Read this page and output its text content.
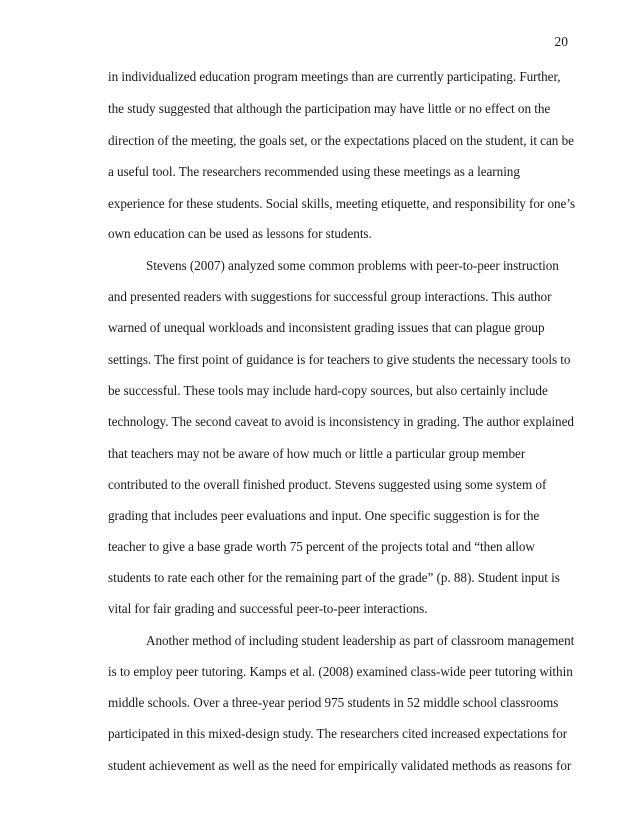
20
in individualized education program meetings than are currently participating. Further,
the study suggested that although the participation may have little or no effect on the
direction of the meeting, the goals set, or the expectations placed on the student, it can be
a useful tool. The researchers recommended using these meetings as a learning
experience for these students. Social skills, meeting etiquette, and responsibility for one’s
own education can be used as lessons for students.
Stevens (2007) analyzed some common problems with peer-to-peer instruction
and presented readers with suggestions for successful group interactions. This author
warned of unequal workloads and inconsistent grading issues that can plague group
settings. The first point of guidance is for teachers to give students the necessary tools to
be successful. These tools may include hard-copy sources, but also certainly include
technology. The second caveat to avoid is inconsistency in grading. The author explained
that teachers may not be aware of how much or little a particular group member
contributed to the overall finished product. Stevens suggested using some system of
grading that includes peer evaluations and input. One specific suggestion is for the
teacher to give a base grade worth 75 percent of the projects total and “then allow
students to rate each other for the remaining part of the grade” (p. 88). Student input is
vital for fair grading and successful peer-to-peer interactions.
Another method of including student leadership as part of classroom management
is to employ peer tutoring. Kamps et al. (2008) examined class-wide peer tutoring within
middle schools. Over a three-year period 975 students in 52 middle school classrooms
participated in this mixed-design study. The researchers cited increased expectations for
student achievement as well as the need for empirically validated methods as reasons for
